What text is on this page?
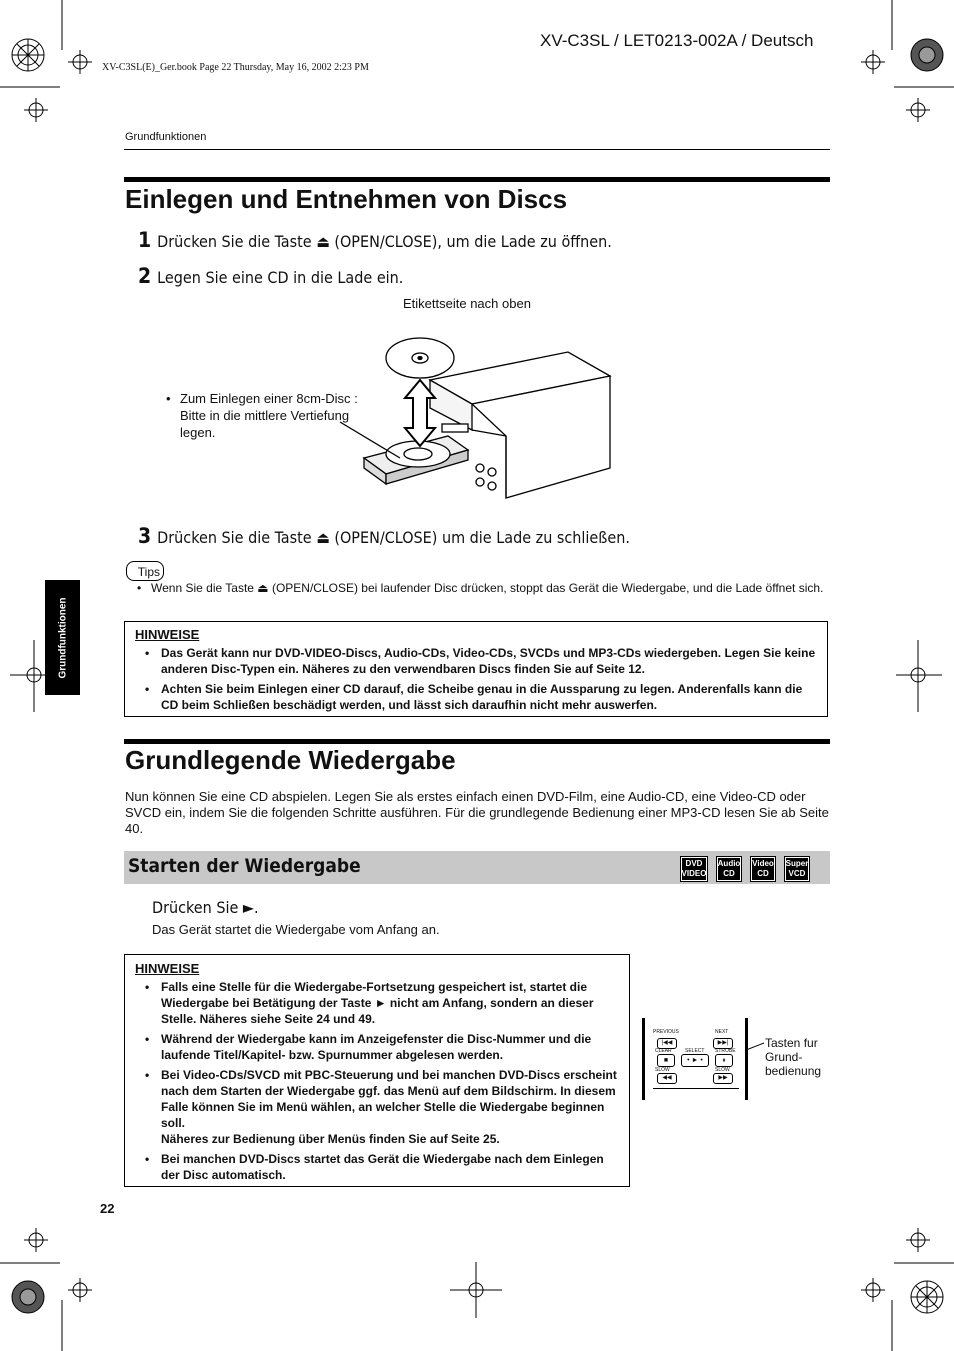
XV-C3SL / LET0213-002A / Deutsch
XV-C3SL(E)_Ger.book Page 22 Thursday, May 16, 2002 2:23 PM
Grundfunktionen
Grundfunktionen
Einlegen und Entnehmen von Discs
1 Drücken Sie die Taste ⏏ (OPEN/CLOSE), um die Lade zu öffnen.
2 Legen Sie eine CD in die Lade ein.
Etikettseite nach oben
• Zum Einlegen einer 8cm-Disc :
Bitte in die mittlere Vertiefung
legen.
3 Drücken Sie die Taste ⏏ (OPEN/CLOSE) um die Lade zu schließen.
Tips
• Wenn Sie die Taste ⏏ (OPEN/CLOSE) bei laufender Disc drücken, stoppt das Gerät die Wiedergabe, und die Lade öffnet sich.
HINWEISE
• Das Gerät kann nur DVD-VIDEO-Discs, Audio-CDs, Video-CDs, SVCDs und MP3-CDs wiedergeben. Legen Sie keine anderen Disc-Typen ein. Näheres zu den verwendbaren Discs finden Sie auf Seite 12.
• Achten Sie beim Einlegen einer CD darauf, die Scheibe genau in die Aussparung zu legen. Anderenfalls kann die CD beim Schließen beschädigt werden, und lässt sich daraufhin nicht mehr auswerfen.
Grundlegende Wiedergabe
Nun können Sie eine CD abspielen. Legen Sie als erstes einfach einen DVD-Film, eine Audio-CD, eine Video-CD oder SVCD ein, indem Sie die folgenden Schritte ausführen. Für die grundlegende Bedienung einer MP3-CD lesen Sie ab Seite 40.
Starten der Wiedergabe	DVD
VIDEO
Audio
CD
Video
CD
Super
VCD
Drücken Sie ►.
Das Gerät startet die Wiedergabe vom Anfang an.
HINWEISE
• Falls eine Stelle für die Wiedergabe-Fortsetzung gespeichert ist, startet die Wiedergabe bei Betätigung der Taste ► nicht am Anfang, sondern an dieser Stelle. Näheres siehe Seite 24 und 49.
• Während der Wiedergabe kann im Anzeigefenster die Disc-Nummer und die laufende Titel/Kapitel- bzw. Spurnummer abgelesen werden.
• Bei Video-CDs/SVCD mit PBC-Steuerung und bei manchen DVD-Discs erscheint nach dem Starten der Wiedergabe ggf. das Menü auf dem Bildschirm. In diesem Falle können Sie im Menü wählen, an welcher Stelle die Wiedergabe beginnen soll.
Näheres zur Bedienung über Menüs finden Sie auf Seite 25.
• Bei manchen DVD-Discs startet das Gerät die Wiedergabe nach dem Einlegen der Disc automatisch.
PREVIOUS	NEXT
|◀◀	▶▶|
CLEAR	SELECT STROBE
■	• ► •	⏸
SLOW	SLOW
◀◀	▶▶
Tasten fur
Grund-
bedienung
22
